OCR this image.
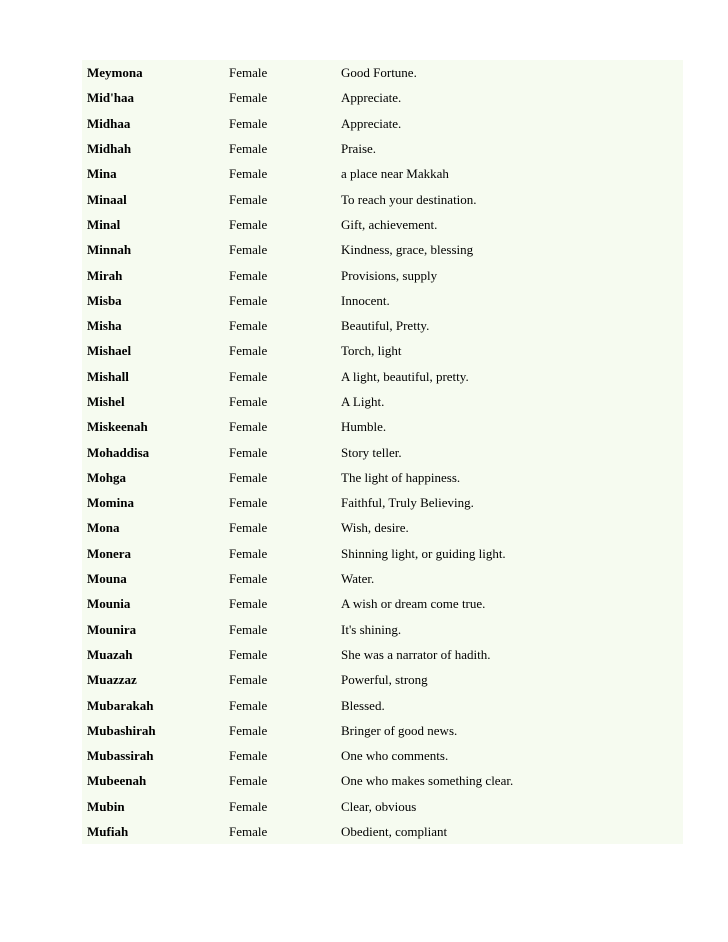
Meymona	Female	Good Fortune.
Mid'haa	Female	Appreciate.
Midhaa	Female	Appreciate.
Midhah	Female	Praise.
Mina	Female	a place near Makkah
Minaal	Female	To reach your destination.
Minal	Female	Gift, achievement.
Minnah	Female	Kindness, grace, blessing
Mirah	Female	Provisions, supply
Misba	Female	Innocent.
Misha	Female	Beautiful, Pretty.
Mishael	Female	Torch, light
Mishall	Female	A light, beautiful, pretty.
Mishel	Female	A Light.
Miskeenah	Female	Humble.
Mohaddisa	Female	Story teller.
Mohga	Female	The light of happiness.
Momina	Female	Faithful, Truly Believing.
Mona	Female	Wish, desire.
Monera	Female	Shinning light, or guiding light.
Mouna	Female	Water.
Mounia	Female	A wish or dream come true.
Mounira	Female	It's shining.
Muazah	Female	She was a narrator of hadith.
Muazzaz	Female	Powerful, strong
Mubarakah	Female	Blessed.
Mubashirah	Female	Bringer of good news.
Mubassirah	Female	One who comments.
Mubeenah	Female	One who makes something clear.
Mubin	Female	Clear, obvious
Mufiah	Female	Obedient, compliant
